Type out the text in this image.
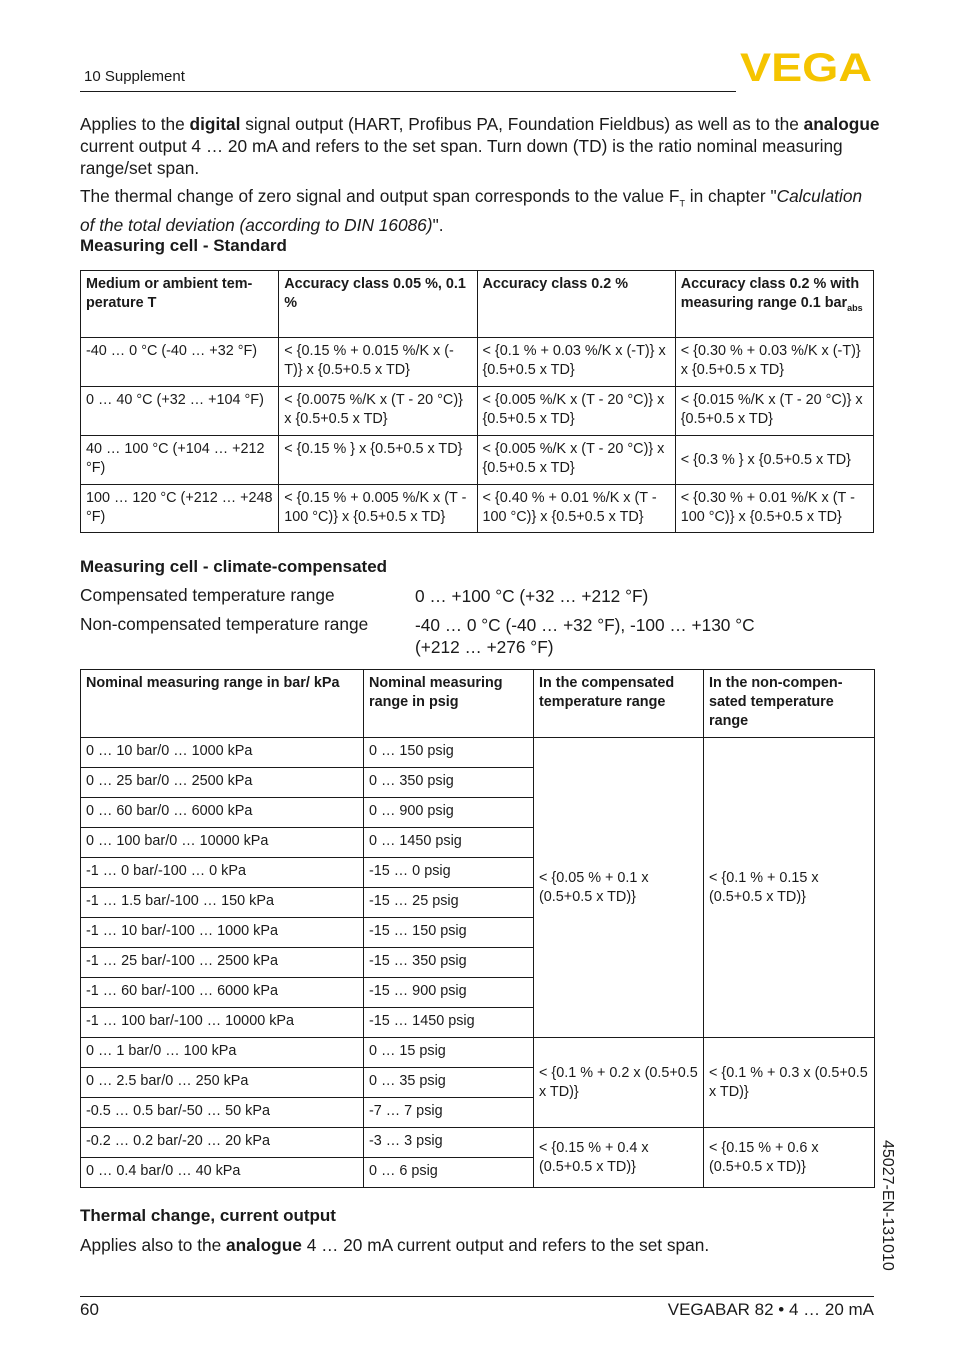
10 Supplement	VEGA
Applies to the digital signal output (HART, Profibus PA, Foundation Fieldbus) as well as to the analogue current output 4 … 20 mA and refers to the set span. Turn down (TD) is the ratio nominal measuring range/set span.
The thermal change of zero signal and output span corresponds to the value $F_T$ in chapter "Calculation of the total deviation (according to DIN 16086)".
Measuring cell - Standard
Medium or ambient temperature T	Accuracy class 0.05 %, 0.1 %	Accuracy class 0.2 %	Accuracy class 0.2 % with measuring range 0.1 bar$_{abs}$
-40 … 0 °C (-40 … +32 °F)	< {0.15 % + 0.015 %/K x (-T)} x {0.5+0.5 x TD}	< {0.1 % + 0.03 %/K x (-T)} x {0.5+0.5 x TD}	< {0.30 % + 0.03 %/K x (-T)} x {0.5+0.5 x TD}
0 … 40 °C (+32 … +104 °F)	< {0.0075 %/K x (T - 20 °C)} x {0.5+0.5 x TD}	< {0.005 %/K x (T - 20 °C)} x {0.5+0.5 x TD}	< {0.015 %/K x (T - 20 °C)} x {0.5+0.5 x TD}
40 … 100 °C (+104 … +212 °F)	< {0.15 % } x {0.5+0.5 x TD}	< {0.005 %/K x (T - 20 °C)} x {0.5+0.5 x TD}	< {0.3 % } x {0.5+0.5 x TD}
100 … 120 °C (+212 … +248 °F)	< {0.15 % + 0.005 %/K x (T - 100 °C)} x {0.5+0.5 x TD}	< {0.40 % + 0.01 %/K x (T - 100 °C)} x {0.5+0.5 x TD}	< {0.30 % + 0.01 %/K x (T - 100 °C)} x {0.5+0.5 x TD}
Measuring cell - climate-compensated
Compensated temperature range	0 … +100 °C (+32 … +212 °F)
Non-compensated temperature range	-40 … 0 °C (-40 … +32 °F), -100 … +130 °C
(+212 … +276 °F)
Nominal measuring range in bar/ kPa	Nominal measuring range in psig	In the compensated temperature range	In the non-compensated temperature range
0 … 10 bar/0 … 1000 kPa	0 … 150 psig	< {0.05 % + 0.1 x (0.5+0.5 x TD)}	< {0.1 % + 0.15 x (0.5+0.5 x TD)}
0 … 25 bar/0 … 2500 kPa	0 … 350 psig		
0 … 60 bar/0 … 6000 kPa	0 … 900 psig		
0 … 100 bar/0 … 10000 kPa	0 … 1450 psig		
-1 … 0 bar/-100 … 0 kPa	-15 … 0 psig		
-1 … 1.5 bar/-100 … 150 kPa	-15 … 25 psig		
-1 … 10 bar/-100 … 1000 kPa	-15 … 150 psig		
-1 … 25 bar/-100 … 2500 kPa	-15 … 350 psig		
-1 … 60 bar/-100 … 6000 kPa	-15 … 900 psig		
-1 … 100 bar/-100 … 10000 kPa	-15 … 1450 psig		
0 … 1 bar/0 … 100 kPa	0 … 15 psig	< {0.1 % + 0.2 x (0.5+0.5 x TD)}	< {0.1 % + 0.3 x (0.5+0.5 x TD)}
0 … 2.5 bar/0 … 250 kPa	0 … 35 psig		
-0.5 … 0.5 bar/-50 … 50 kPa	-7 … 7 psig		
-0.2 … 0.2 bar/-20 … 20 kPa	-3 … 3 psig	< {0.15 % + 0.4 x (0.5+0.5 x TD)}	< {0.15 % + 0.6 x (0.5+0.5 x TD)}
0 … 0.4 bar/0 … 40 kPa	0 … 6 psig		
Thermal change, current output
Applies also to the analogue 4 … 20 mA current output and refers to the set span.	45027-EN-131010
60	VEGABAR 82 • 4 … 20 mA
